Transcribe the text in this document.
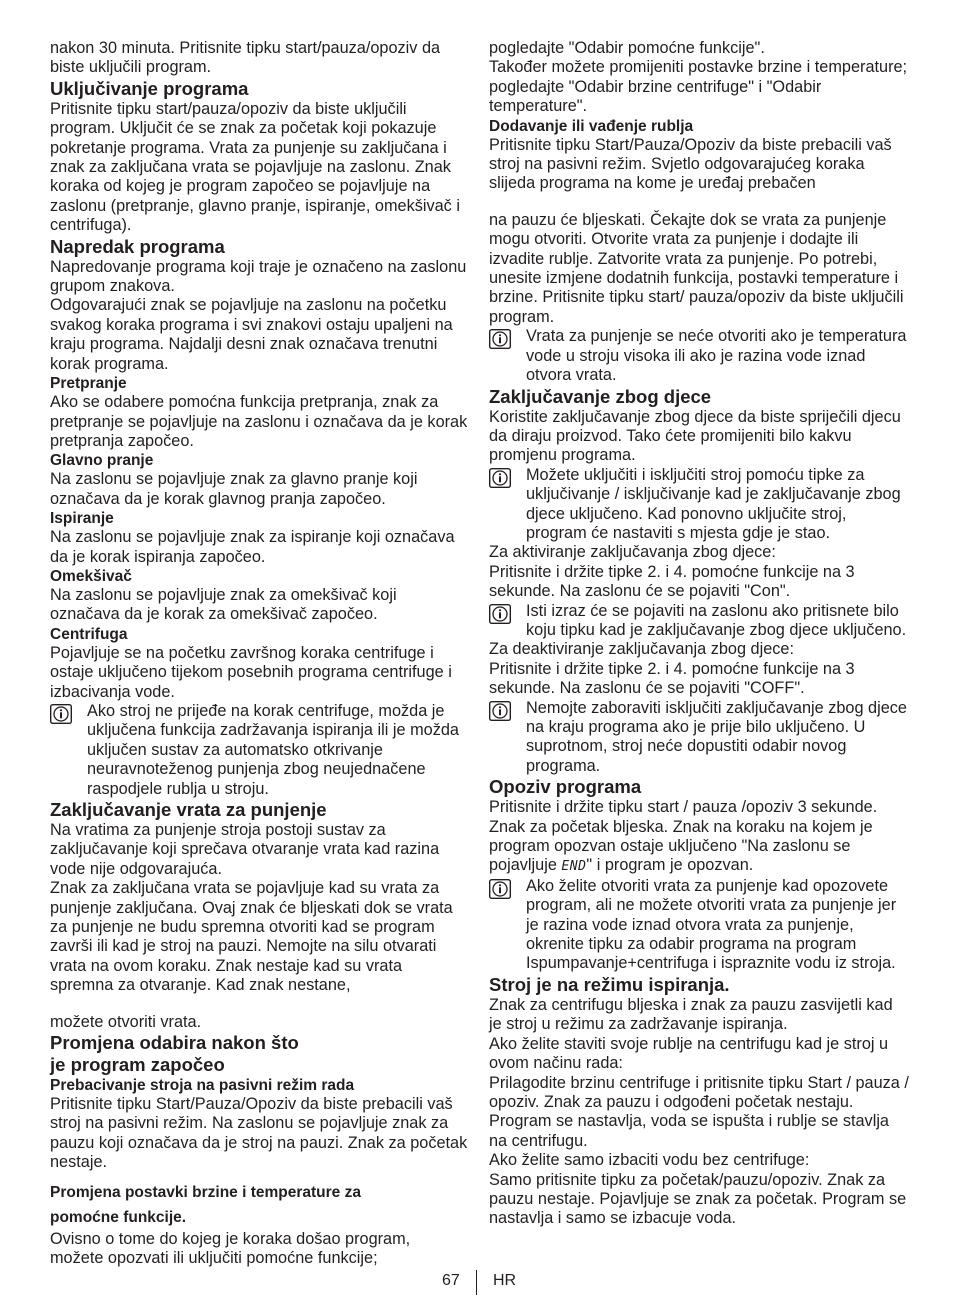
nakon 30 minuta. Pritisnite tipku start/pauza/opoziv da biste uključili program.

Uključivanje programa

Pritisnite tipku start/pauza/opoziv da biste uključili program. Uključit će se znak za početak koji pokazuje pokretanje programa. Vrata za punjenje su zaključana i znak za zaključana vrata se pojavljuje na zaslonu. Znak koraka od kojeg je program započeo se pojavljuje na zaslonu (pretpranje, glavno pranje, ispiranje, omekšivač i centrifuga).

Napredak programa

Napredovanje programa koji traje je označeno na zaslonu grupom znakova.

Odgovarajući znak se pojavljuje na zaslonu na početku svakog koraka programa i svi znakovi ostaju upaljeni na kraju programa. Najdalji desni znak označava trenutni korak programa.

Pretpranje

Ako se odabere pomoćna funkcija pretpranja, znak za pretpranje se pojavljuje na zaslonu i označava da je korak pretpranja započeo.

Glavno pranje

Na zaslonu se pojavljuje znak za glavno pranje koji označava da je korak glavnog pranja započeo.

Ispiranje

Na zaslonu se pojavljuje znak za ispiranje koji označava da je korak ispiranja započeo.

Omekšivač

Na zaslonu se pojavljuje znak za omekšivač koji označava da je korak za omekšivač započeo.

Centrifuga

Pojavljuje se na početku završnog koraka centrifuge i ostaje uključeno tijekom posebnih programa centrifuge i izbacivanja vode.

Ako stroj ne prijeđe na korak centrifuge, možda je uključena funkcija zadržavanja ispiranja ili je možda uključen sustav za automatsko otkrivanje neuravnoteženog punjenja zbog neujednačene raspodjele rublja u stroju.
Zaključavanje vrata za punjenje

Na vratima za punjenje stroja postoji sustav za zaključavanje koji sprečava otvaranje vrata kad razina vode nije odgovarajuća.

Znak za zaključana vrata se pojavljuje kad su vrata za punjenje zaključana. Ovaj znak će bljeskati dok se vrata za punjenje ne budu spremna otvoriti kad se program završi ili kad je stroj na pauzi. Nemojte na silu otvarati vrata na ovom koraku. Znak nestaje kad su vrata spremna za otvaranje. Kad znak nestane,

možete otvoriti vrata.

Promjena odabira nakon što
je program započeo
Prebacivanje stroja na pasivni režim rada

Pritisnite tipku Start/Pauza/Opoziv da biste prebacili vaš stroj na pasivni režim. Na zaslonu se pojavljuje znak za pauzu koji označava da je stroj na pauzi. Znak za početak nestaje.

Promjena postavki brzine i temperature za
pomoćne funkcije.

Ovisno o tome do kojeg je koraka došao program, možete opozvati ili uključiti pomoćne funkcije;

pogledajte "Odabir pomoćne funkcije".

Također možete promijeniti postavke brzine i temperature; pogledajte "Odabir brzine centrifuge" i "Odabir temperature".

Dodavanje ili vađenje rublja

Pritisnite tipku Start/Pauza/Opoziv da biste prebacili vaš stroj na pasivni režim. Svjetlo odgovarajućeg koraka slijeda programa na kome je uređaj prebačen

na pauzu će bljeskati. Čekajte dok se vrata za punjenje mogu otvoriti. Otvorite vrata za punjenje i dodajte ili izvadite rublje. Zatvorite vrata za punjenje. Po potrebi, unesite izmjene dodatnih funkcija, postavki temperature i brzine. Pritisnite tipku start/ pauza/opoziv da biste uključili program.

Vrata za punjenje se neće otvoriti ako je temperatura vode u stroju visoka ili ako je razina vode iznad otvora vrata.
Zaključavanje zbog djece

Koristite zaključavanje zbog djece da biste spriječili djecu da diraju proizvod. Tako ćete promijeniti bilo kakvu promjenu programa.

Možete uključiti i isključiti stroj pomoću tipke za uključivanje / isključivanje kad je zaključavanje zbog djece uključeno. Kad ponovno uključite stroj, program će nastaviti s mjesta gdje je stao.

Za aktiviranje zaključavanja zbog djece:

Pritisnite i držite tipke 2. i 4. pomoćne funkcije na 3 sekunde. Na zaslonu će se pojaviti "Con".

Isti izraz će se pojaviti na zaslonu ako pritisnete bilo koju tipku kad je zaključavanje zbog djece uključeno.

Za deaktiviranje zaključavanja zbog djece:

Pritisnite i držite tipke 2. i 4. pomoćne funkcije na 3 sekunde. Na zaslonu će se pojaviti "COFF".

Nemojte zaboraviti isključiti zaključavanje zbog djece na kraju programa ako je prije bilo uključeno. U suprotnom, stroj neće dopustiti odabir novog programa.
Opoziv programa

Pritisnite i držite tipku start / pauza /opoziv 3 sekunde. Znak za početak bljeska. Znak na koraku na kojem je program opozvan ostaje uključeno "Na zaslonu se pojavljuje END" i program je opozvan.

Ako želite otvoriti vrata za punjenje kad opozovete program, ali ne možete otvoriti vrata za punjenje jer je razina vode iznad otvora vrata za punjenje, okrenite tipku za odabir programa na program Ispumpavanje+centrifuga i ispraznite vodu iz stroja.
Stroj je na režimu ispiranja.

Znak za centrifugu bljeska i znak za pauzu zasvijetli kad je stroj u režimu za zadržavanje ispiranja.

Ako želite staviti svoje rublje na centrifugu kad je stroj u ovom načinu rada:

Prilagodite brzinu centrifuge i pritisnite tipku Start / pauza / opoziv. Znak za pauzu i odgođeni početak nestaju. Program se nastavlja, voda se ispušta i rublje se stavlja na centrifugu.

Ako želite samo izbaciti vodu bez centrifuge:

Samo pritisnite tipku za početak/pauzu/opoziv. Znak za pauzu nestaje. Pojavljuje se znak za početak. Program se nastavlja i samo se izbacuje voda.

67 HR
